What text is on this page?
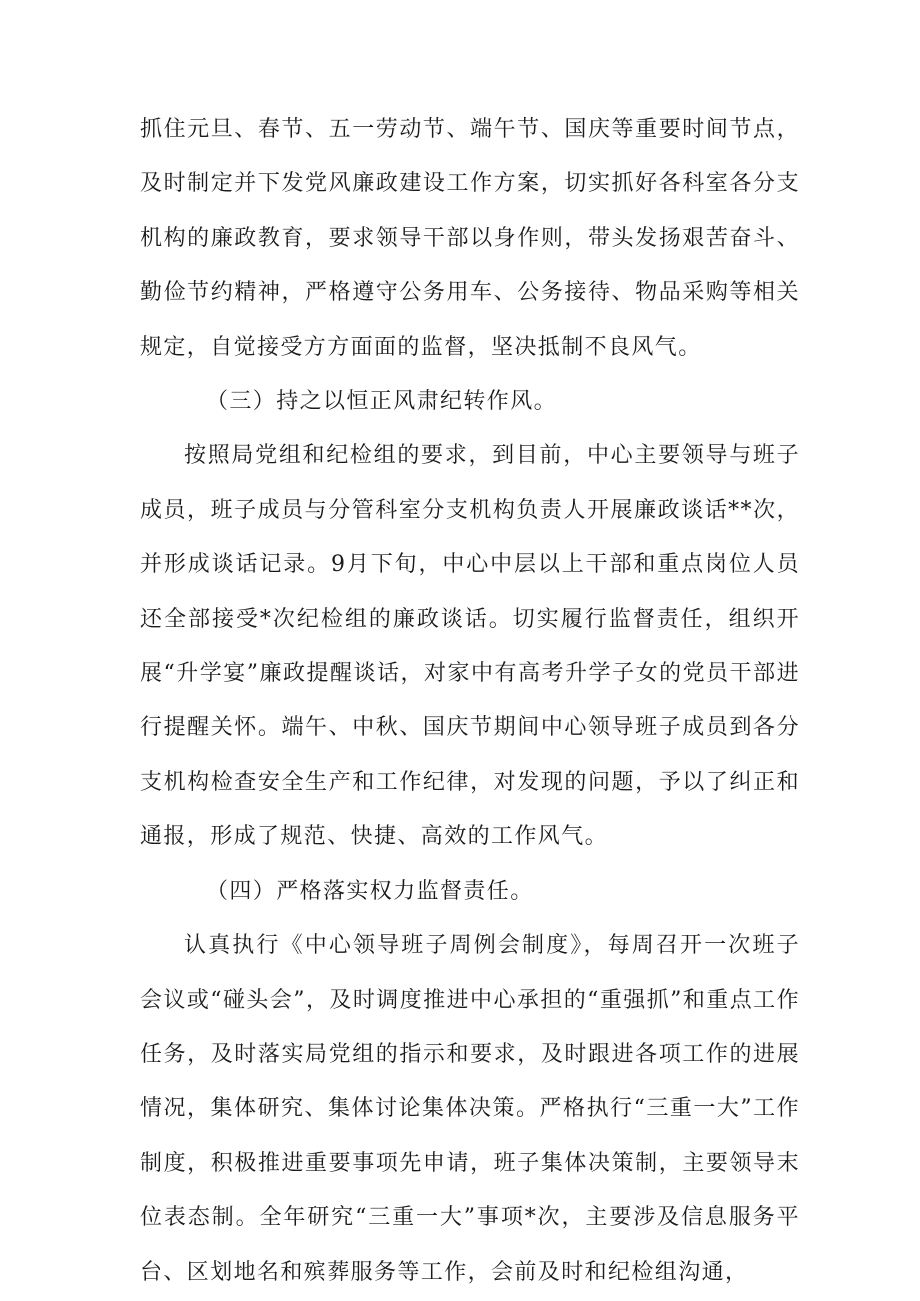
抓住元旦、春节、五一劳动节、端午节、国庆等重要时间节点，及时制定并下发党风廉政建设工作方案，切实抓好各科室各分支机构的廉政教育，要求领导干部以身作则，带头发扬艰苦奋斗、勤俭节约精神，严格遵守公务用车、公务接待、物品采购等相关规定，自觉接受方方面面的监督，坚决抵制不良风气。

（三）持之以恒正风肃纪转作风。

按照局党组和纪检组的要求，到目前，中心主要领导与班子成员，班子成员与分管科室分支机构负责人开展廉政谈话**次，并形成谈话记录。9月下旬，中心中层以上干部和重点岗位人员还全部接受*次纪检组的廉政谈话。切实履行监督责任，组织开展“升学宴”廉政提醒谈话，对家中有高考升学子女的党员干部进行提醒关怀。端午、中秋、国庆节期间中心领导班子成员到各分支机构检查安全生产和工作纪律，对发现的问题，予以了纠正和通报，形成了规范、快捷、高效的工作风气。

（四）严格落实权力监督责任。

认真执行《中心领导班子周例会制度》，每周召开一次班子会议或“碰头会”，及时调度推进中心承担的“重强抓”和重点工作任务，及时落实局党组的指示和要求，及时跟进各项工作的进展情况，集体研究、集体讨论集体决策。严格执行“三重一大”工作制度，积极推进重要事项先申请，班子集体决策制，主要领导末位表态制。全年研究“三重一大”事项*次，主要涉及信息服务平台、区划地名和殡葬服务等工作，会前及时和纪检组沟通，
